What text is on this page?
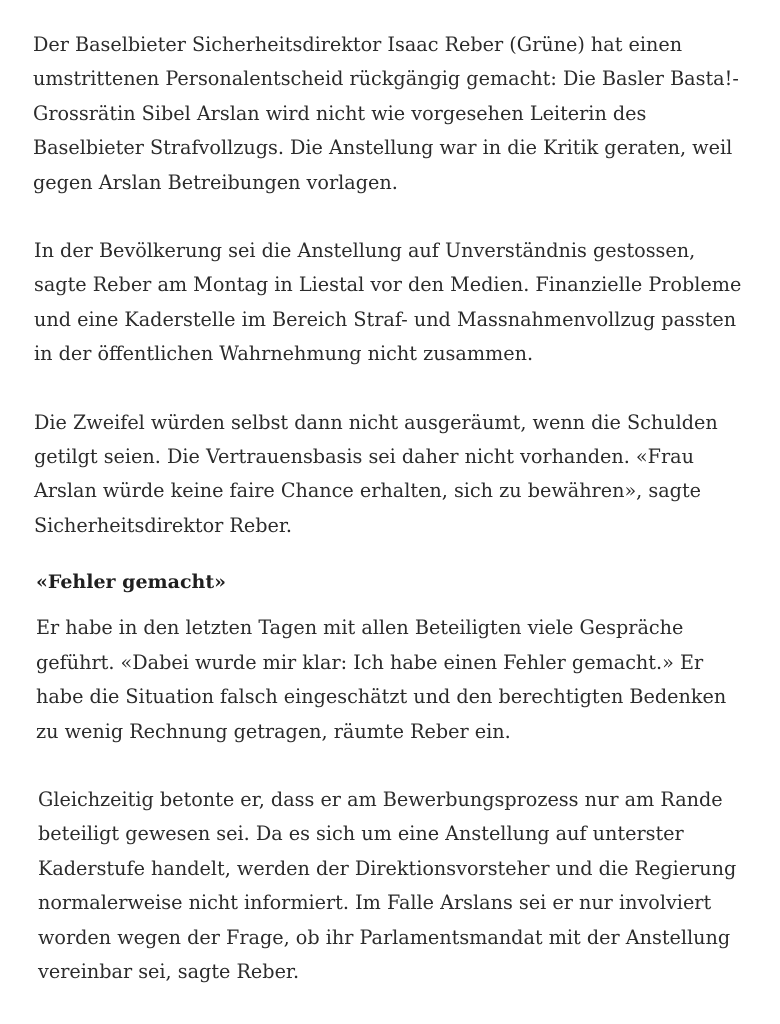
Der Baselbieter Sicherheitsdirektor Isaac Reber (Grüne) hat einen umstrittenen Personalentscheid rückgängig gemacht: Die Basler Basta!-Grossrätin Sibel Arslan wird nicht wie vorgesehen Leiterin des Baselbieter Strafvollzugs. Die Anstellung war in die Kritik geraten, weil gegen Arslan Betreibungen vorlagen.

In der Bevölkerung sei die Anstellung auf Unverständnis gestossen, sagte Reber am Montag in Liestal vor den Medien. Finanzielle Probleme und eine Kaderstelle im Bereich Straf- und Massnahmenvollzug passten in der öffentlichen Wahrnehmung nicht zusammen.

Die Zweifel würden selbst dann nicht ausgeräumt, wenn die Schulden getilgt seien. Die Vertrauensbasis sei daher nicht vorhanden. «Frau Arslan würde keine faire Chance erhalten, sich zu bewähren», sagte Sicherheitsdirektor Reber.

«Fehler gemacht»

Er habe in den letzten Tagen mit allen Beteiligten viele Gespräche geführt. «Dabei wurde mir klar: Ich habe einen Fehler gemacht.» Er habe die Situation falsch eingeschätzt und den berechtigten Bedenken zu wenig Rechnung getragen, räumte Reber ein.

Gleichzeitig betonte er, dass er am Bewerbungsprozess nur am Rande beteiligt gewesen sei. Da es sich um eine Anstellung auf unterster Kaderstufe handelt, werden der Direktionsvorsteher und die Regierung normalerweise nicht informiert. Im Falle Arslans sei er nur involviert worden wegen der Frage, ob ihr Parlamentsmandat mit der Anstellung vereinbar sei, sagte Reber.
